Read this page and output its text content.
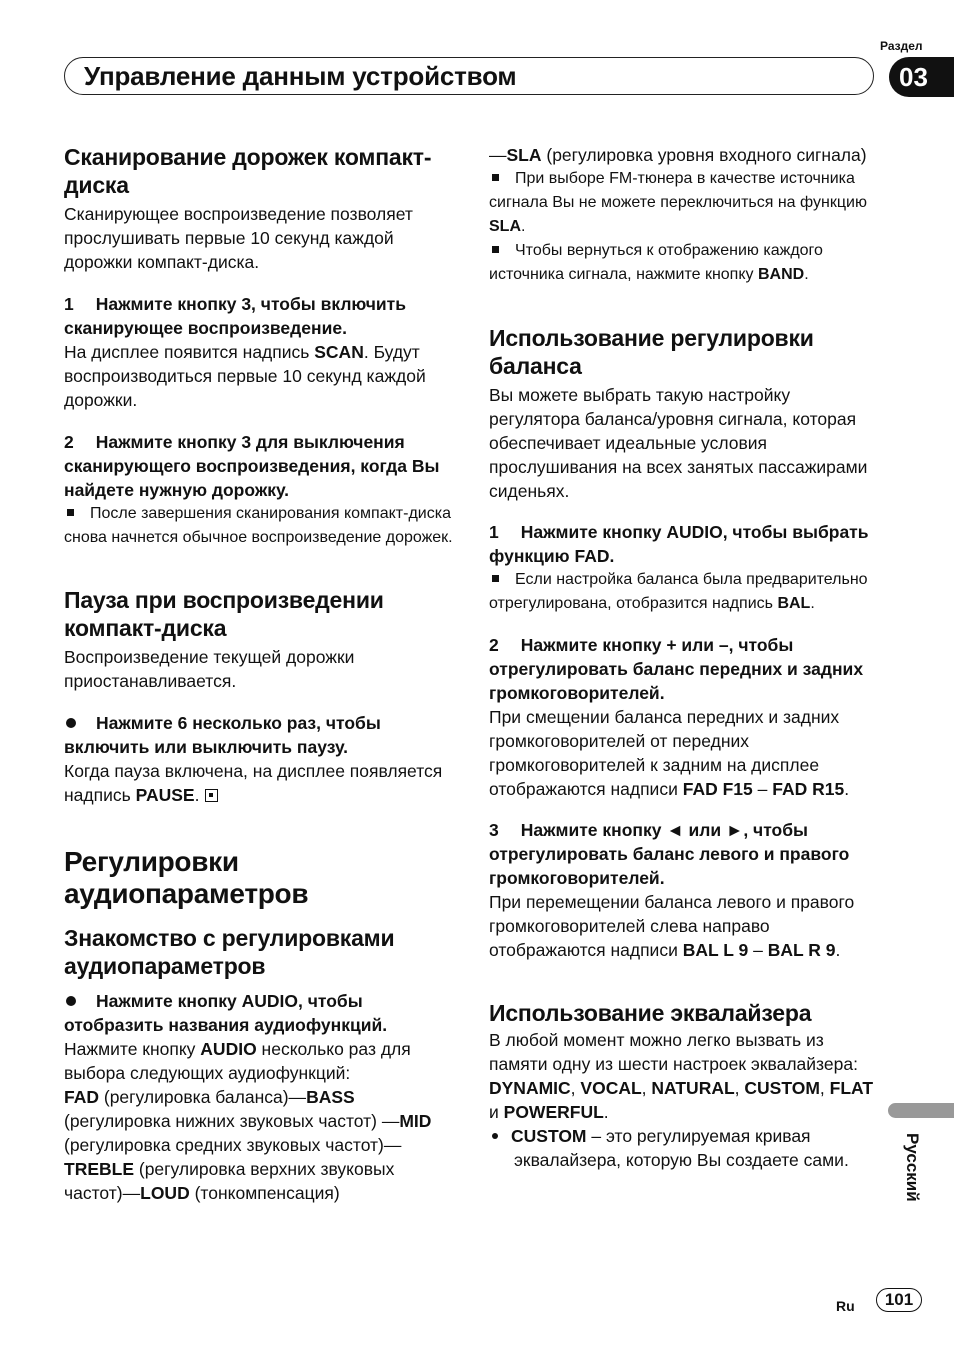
Управление данным устройством
Раздел
03
Сканирование дорожек компакт-диска

Сканирующее воспроизведение позволяет прослушивать первые 10 секунд каждой дорожки компакт-диска.

1 Нажмите кнопку 3, чтобы включить сканирующее воспроизведение.

На дисплее появится надпись SCAN. Будут воспроизводиться первые 10 секунд каждой дорожки.

2 Нажмите кнопку 3 для выключения сканирующего воспроизведения, когда Вы найдете нужную дорожку.

После завершения сканирования компакт-диска снова начнется обычное воспроизведение дорожек.

Пауза при воспроизведении компакт-диска

Воспроизведение текущей дорожки приостанавливается.

Нажмите 6 несколько раз, чтобы включить или выключить паузу.

Когда пауза включена, на дисплее появляется надпись PAUSE.

Регулировки аудиопараметров
Знакомство с регулировками аудиопараметров

Нажмите кнопку AUDIO, чтобы отобразить названия аудиофункций.

Нажмите кнопку AUDIO несколько раз для выбора следующих аудиофункций:

FAD (регулировка баланса)—BASS (регулировка нижних звуковых частот) —MID (регулировка средних звуковых частот)—TREBLE (регулировка верхних звуковых частот)—LOUD (тонкомпенсация)

—SLA (регулировка уровня входного сигнала)

При выборе FM-тюнера в качестве источника сигнала Вы не можете переключиться на функцию SLA.

Чтобы вернуться к отображению каждого источника сигнала, нажмите кнопку BAND.

Использование регулировки баланса

Вы можете выбрать такую настройку регулятора баланса/уровня сигнала, которая обеспечивает идеальные условия прослушивания на всех занятых пассажирами сиденьях.

1 Нажмите кнопку AUDIO, чтобы выбрать функцию FAD.

Если настройка баланса была предварительно отрегулирована, отобразится надпись BAL.

2 Нажмите кнопку + или –, чтобы отрегулировать баланс передних и задних громкоговорителей.

При смещении баланса передних и задних громкоговорителей от передних громкоговорителей к задним на дисплее отображаются надписи FAD F15 – FAD R15.

3 Нажмите кнопку ◄ или ►, чтобы отрегулировать баланс левого и правого громкоговорителей.

При перемещении баланса левого и правого громкоговорителей слева направо отображаются надписи BAL L 9 – BAL R 9.

Использование эквалайзера

В любой момент можно легко вызвать из памяти одну из шести настроек эквалайзера: DYNAMIC, VOCAL, NATURAL, CUSTOM, FLAT и POWERFUL.

CUSTOM – это регулируемая кривая эквалайзера, которую Вы создаете сами.	Русский
Ru	101
